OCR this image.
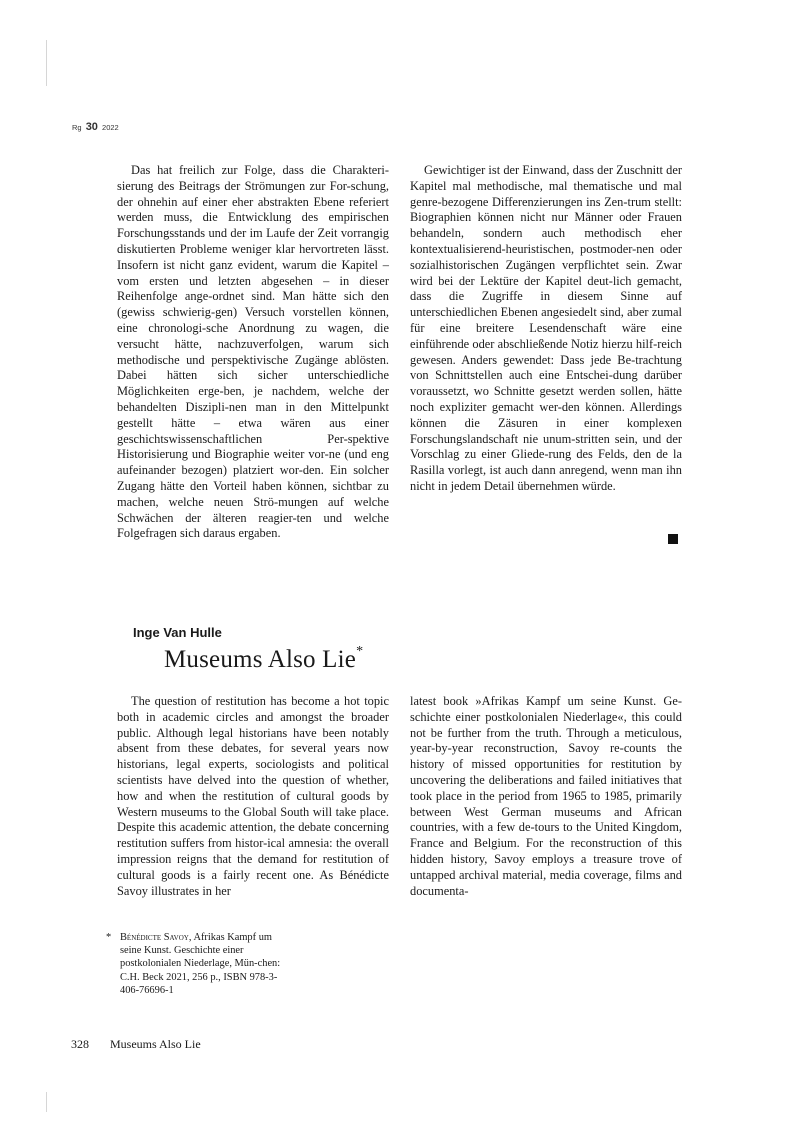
Rg 30 2022

Das hat freilich zur Folge, dass die Charakteri-sierung des Beitrags der Strömungen zur For-schung, der ohnehin auf einer eher abstrakten Ebene referiert werden muss, die Entwicklung des empirischen Forschungsstands und der im Laufe der Zeit vorrangig diskutierten Probleme weniger klar hervortreten lässt. Insofern ist nicht ganz evident, warum die Kapitel – vom ersten und letzten abgesehen – in dieser Reihenfolge ange-ordnet sind. Man hätte sich den (gewiss schwierig-gen) Versuch vorstellen können, eine chronologi-sche Anordnung zu wagen, die versucht hätte, nachzuverfolgen, warum sich methodische und perspektivische Zugänge ablösten. Dabei hätten sich sicher unterschiedliche Möglichkeiten erge-ben, je nachdem, welche der behandelten Diszipli-nen man in den Mittelpunkt gestellt hätte – etwa wären aus einer geschichtswissenschaftlichen Per-spektive Historisierung und Biographie weiter vor-ne (und eng aufeinander bezogen) platziert wor-den. Ein solcher Zugang hätte den Vorteil haben können, sichtbar zu machen, welche neuen Strö-mungen auf welche Schwächen der älteren reagier-ten und welche Folgefragen sich daraus ergaben.

Gewichtiger ist der Einwand, dass der Zuschnitt der Kapitel mal methodische, mal thematische und mal genre-bezogene Differenzierungen ins Zen-trum stellt: Biographien können nicht nur Männer oder Frauen behandeln, sondern auch methodisch eher kontextualisierend-heuristischen, postmoder-nen oder sozialhistorischen Zugängen verpflichtet sein. Zwar wird bei der Lektüre der Kapitel deut-lich gemacht, dass die Zugriffe in diesem Sinne auf unterschiedlichen Ebenen angesiedelt sind, aber zumal für eine breitere Lesendenschaft wäre eine einführende oder abschließende Notiz hierzu hilf-reich gewesen. Anders gewendet: Dass jede Be-trachtung von Schnittstellen auch eine Entschei-dung darüber voraussetzt, wo Schnitte gesetzt werden sollen, hätte noch expliziter gemacht wer-den können. Allerdings können die Zäsuren in einer komplexen Forschungslandschaft nie unum-stritten sein, und der Vorschlag zu einer Gliede-rung des Felds, den de la Rasilla vorlegt, ist auch dann anregend, wenn man ihn nicht in jedem Detail übernehmen würde.

Inge Van Hulle
Museums Also Lie*

The question of restitution has become a hot topic both in academic circles and amongst the broader public. Although legal historians have been notably absent from these debates, for several years now historians, legal experts, sociologists and political scientists have delved into the question of whether, how and when the restitution of cultural goods by Western museums to the Global South will take place. Despite this academic attention, the debate concerning restitution suffers from histor-ical amnesia: the overall impression reigns that the demand for restitution of cultural goods is a fairly recent one. As Bénédicte Savoy illustrates in her

latest book »Afrikas Kampf um seine Kunst. Ge-schichte einer postkolonialen Niederlage«, this could not be further from the truth. Through a meticulous, year-by-year reconstruction, Savoy re-counts the history of missed opportunities for restitution by uncovering the deliberations and failed initiatives that took place in the period from 1965 to 1985, primarily between West German museums and African countries, with a few de-tours to the United Kingdom, France and Belgium. For the reconstruction of this hidden history, Savoy employs a treasure trove of untapped archival material, media coverage, films and documenta-

* Bénédicte Savoy, Afrikas Kampf um seine Kunst. Geschichte einer postkolonialen Niederlage, Mün-chen: C.H. Beck 2021, 256 p., ISBN 978-3-406-76696-1
328 Museums Also Lie
